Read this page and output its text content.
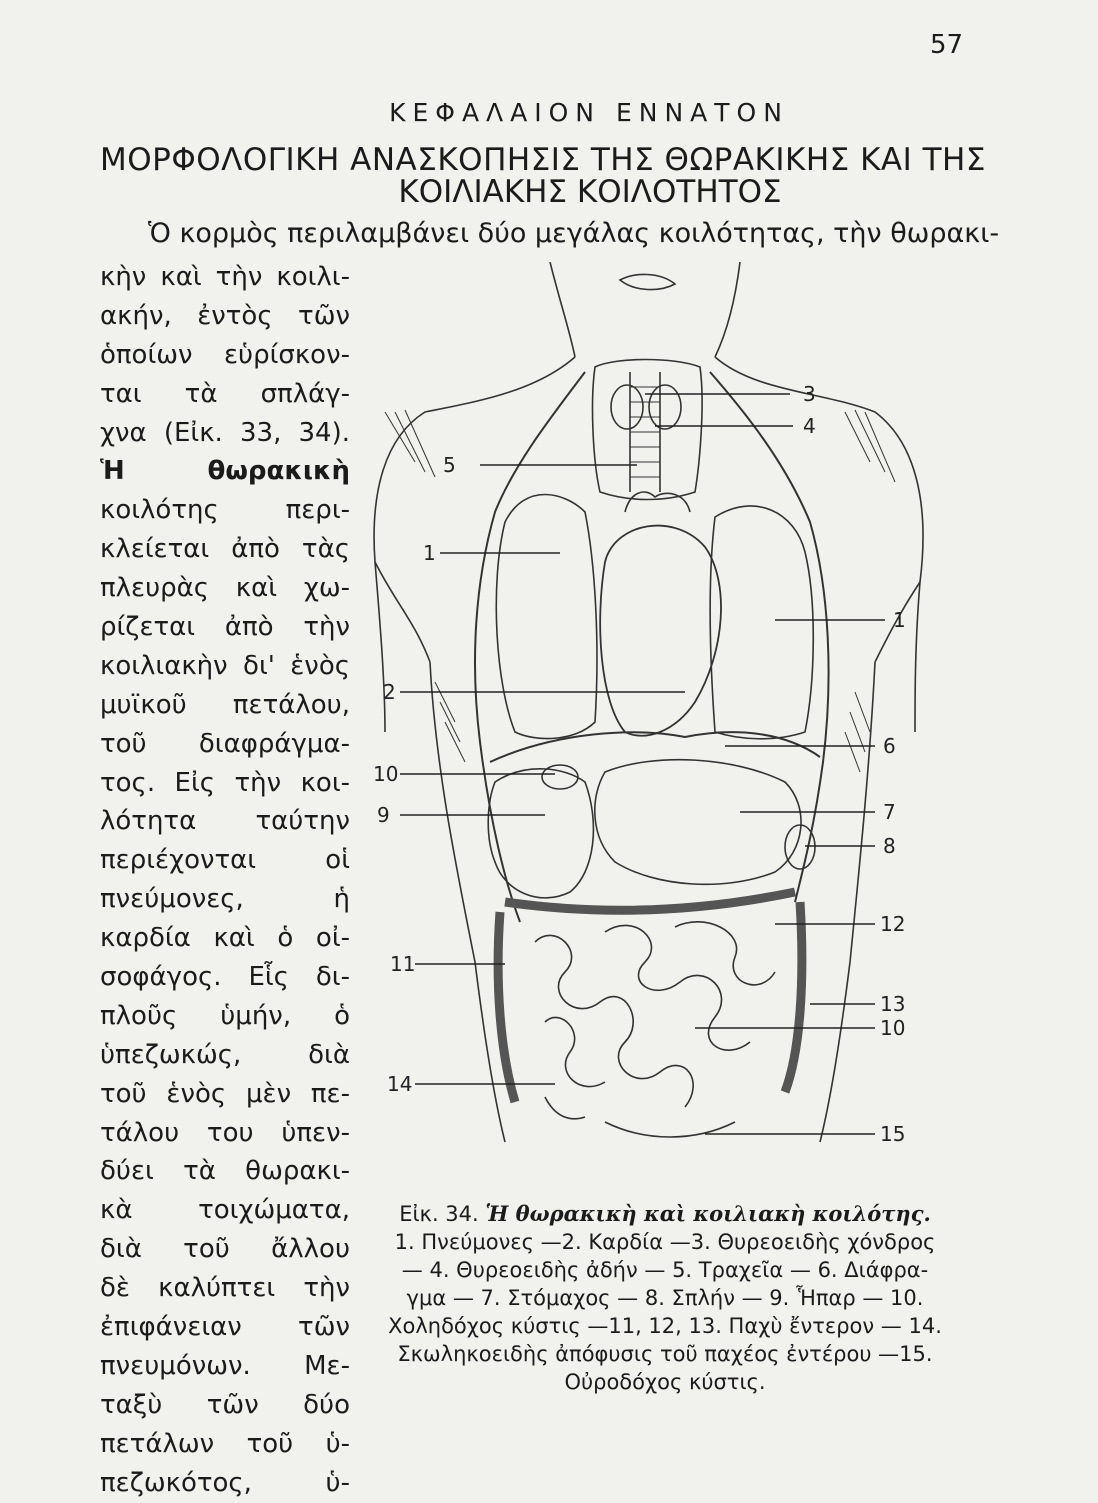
57
ΚΕΦΑΛΑΙΟΝ ΕΝΝΑΤΟΝ
ΜΟΡΦΟΛΟΓΙΚΗ ΑΝΑΣΚΟΠΗΣΙΣ ΤΗΣ ΘΩΡΑΚΙΚΗΣ ΚΑΙ ΤΗΣ
ΚΟΙΛΙΑΚΗΣ ΚΟΙΛΟΤΗΤΟΣ
Ὁ κορμὸς περιλαμβάνει δύο μεγάλας κοιλότητας, τὴν θωρακι-
κὴν καὶ τὴν κοιλι-
ακήν, ἐντὸς τῶν
ὁποίων εὑρίσκον-
ται τὰ σπλάγ-
χνα (Εἰκ. 33, 34).
Ἡ θωρακικὴ
κοιλότης περι-
κλείεται ἀπὸ τὰς
πλευρὰς καὶ χω-
ρίζεται ἀπὸ τὴν
κοιλιακὴν δι' ἑνὸς
μυϊκοῦ πετάλου,
τοῦ διαφράγμα-
τος. Εἰς τὴν κοι-
λότητα ταύτην
περιέχονται οἱ
πνεύμονες, ἡ
καρδία καὶ ὁ οἰ-
σοφάγος. Εἷς δι-
πλοῦς ὑμήν, ὁ
ὑπεζωκώς, διὰ
τοῦ ἑνὸς μὲν πε-
τάλου του ὑπεν-
δύει τὰ θωρακι-
κὰ τοιχώματα,
διὰ τοῦ ἄλλου
δὲ καλύπτει τὴν
ἐπιφάνειαν τῶν
πνευμόνων. Με-
ταξὺ τῶν δύο
πετάλων τοῦ ὑ-
πεζωκότος, ὑ-
3
4
5
1
1
2
6
10
9	7
8
12
11
13
10
14
15
Εἰκ. 34. Ἡ θωρακικὴ καὶ κοιλιακὴ κοιλότης.
1. Πνεύμονες —2. Καρδία —3. Θυρεοειδὴς χόνδρος
— 4. Θυρεοειδὴς ἀδήν — 5. Τραχεῖα — 6. Διάφρα-
γμα — 7. Στόμαχος — 8. Σπλήν — 9. Ἧπαρ — 10.
Χοληδόχος κύστις —11, 12, 13. Παχὺ ἔντερον — 14.
Σκωληκοειδὴς ἀπόφυσις τοῦ παχέος ἐντέρου —15.
Οὐροδόχος κύστις.
